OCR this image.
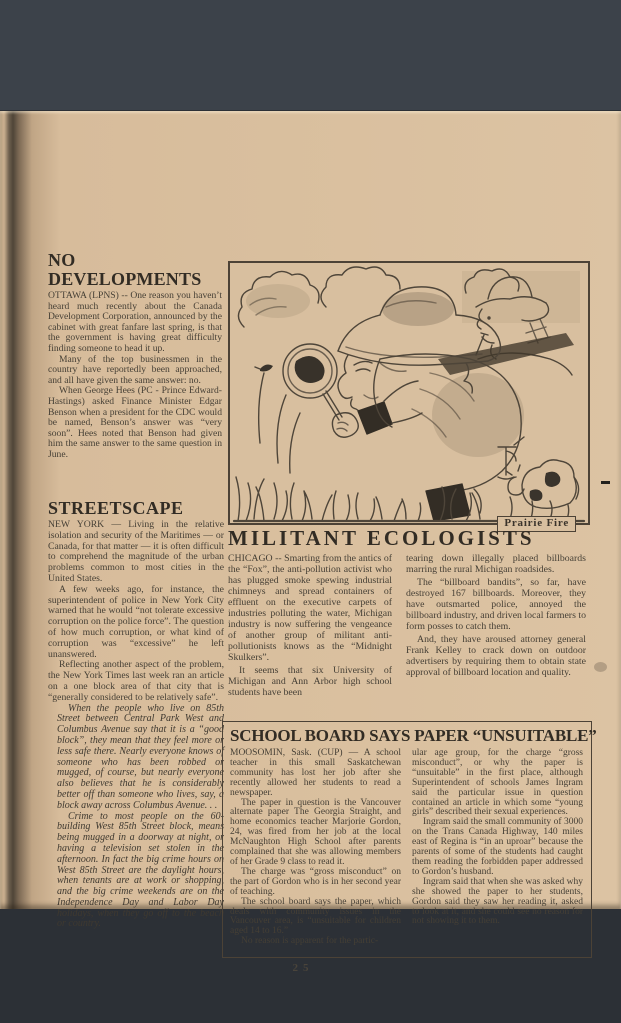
NO DEVELOPMENTS

OTTAWA (LPNS) -- One reason you haven’t heard much recently about the Canada Development Corporation, announced by the cabinet with great fanfare last spring, is that the government is having great difficulty finding someone to head it up.

Many of the top businessmen in the country have reportedly been approached, and all have given the same answer: no.

When George Hees (PC - Prince Edward-Hastings) asked Finance Minister Edgar Benson when a president for the CDC would be named, Benson’s answer was “very soon”. Hees noted that Benson had given him the same answer to the same question in June.

STREETSCAPE

NEW YORK — Living in the relative isolation and security of the Maritimes — or Canada, for that matter — it is often difficult to comprehend the magnitude of the urban problems common to most cities in the United States.

A few weeks ago, for instance, the superintendent of police in New York City warned that he would “not tolerate excessive corruption on the police force”. The question of how much corruption, or what kind of corruption was “excessive” he left unanswered.

Reflecting another aspect of the problem, the New York Times last week ran an article on a one block area of that city that is “generally considered to be relatively safe”.

When the people who live on 85th Street between Central Park West and Columbus Avenue say that it is a “good block”, they mean that they feel more or less safe there. Nearly everyone knows of someone who has been robbed or mugged, of course, but nearly everyone also believes that he is considerably better off than someone who lives, say, a block away across Columbus Avenue. . .

Crime to most people on the 60-building West 85th Street block, means being mugged in a doorway at night, or having a television set stolen in the afternoon. In fact the big crime hours on West 85th Street are the daylight hours, when tenants are at work or shopping, and the big crime weekends are on the Independence Day and Labor Day holidays, when they go off to the beach or country.

Prairie Fire
MILITANT ECOLOGISTS

CHICAGO -- Smarting from the antics of the “Fox”, the anti-pollution activist who has plugged smoke spewing industrial chimneys and spread containers of effluent on the executive carpets of industries polluting the water, Michigan industry is now suffering the vengeance of another group of militant anti-pollutionists knows as the “Midnight Skulkers”.

It seems that six University of Michigan and Ann Arbor high school students have been

tearing down illegally placed billboards marring the rural Michigan roadsides.

The “billboard bandits”, so far, have destroyed 167 billboards. Moreover, they have outsmarted police, annoyed the billboard industry, and driven local farmers to form posses to catch them.

And, they have aroused attorney general Frank Kelley to crack down on outdoor advertisers by requiring them to obtain state approval of billboard location and quality.

SCHOOL BOARD SAYS PAPER “UNSUITABLE”

MOOSOMIN, Sask. (CUP) — A school teacher in this small Saskatchewan community has lost her job after she recently allowed her students to read a newspaper.

The paper in question is the Vancouver alternate paper The Georgia Straight, and home economics teacher Marjorie Gordon, 24, was fired from her job at the local McNaughton High School after parents complained that she was allowing members of her Grade 9 class to read it.

The charge was “gross misconduct” on the part of Gordon who is in her second year of teaching.

The school board says the paper, which deals with community issues in the Vancouver area, is “unsuitable for children aged 14 to 16.”

No reason is apparent for the partic-

ular age group, for the charge “gross misconduct”, or why the paper is “unsuitable” in the first place, although Superintendent of schools James Ingram said the particular issue in question contained an article in which some “young girls” described their sexual experiences.

Ingram said the small community of 3000 on the Trans Canada Highway, 140 miles east of Regina is “in an uproar” because the parents of some of the students had caught them reading the forbidden paper addressed to Gordon’s husband.

Ingram said that when she was asked why she showed the paper to her students, Gordon said they saw her reading it, asked to look at it, and she could see no reason for not showing it to them.

25
